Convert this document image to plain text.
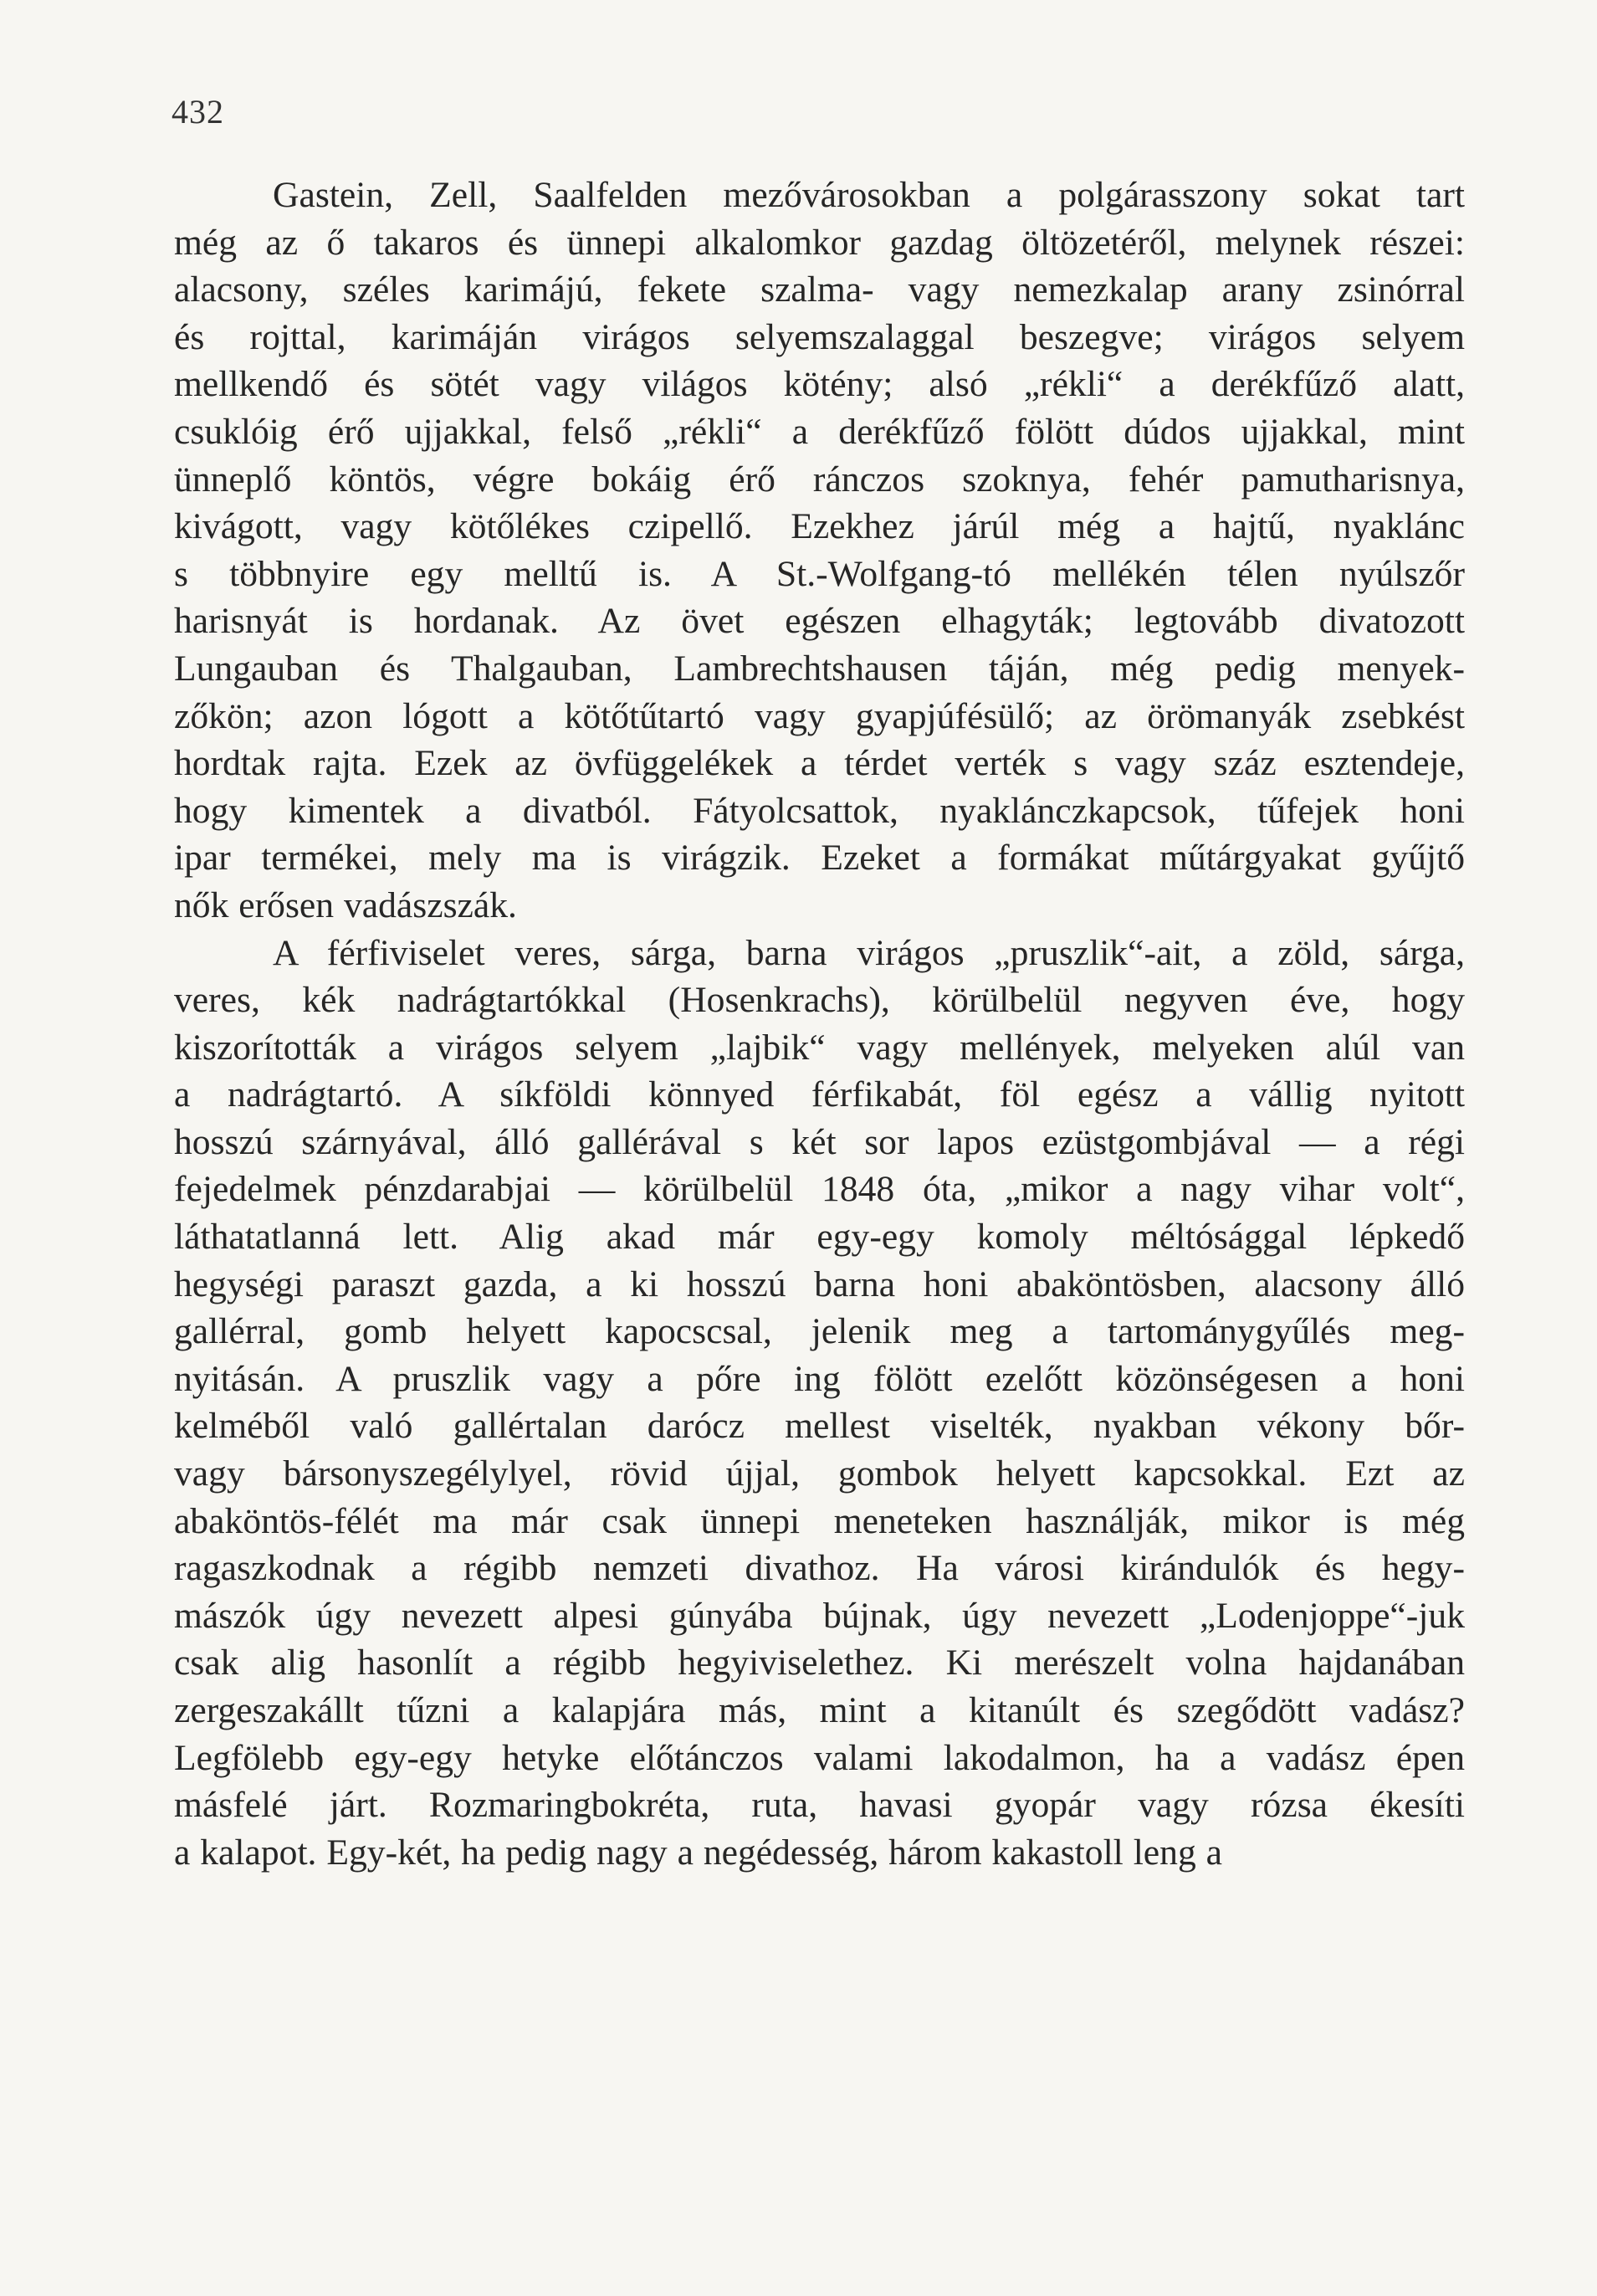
432

Gastein, Zell, Saalfelden mezővárosokban a polgárasszony sokat tart
még az ő takaros és ünnepi alkalomkor gazdag öltözetéről, melynek részei:
alacsony, széles karimájú, fekete szalma- vagy nemezkalap arany zsinórral
és rojttal, karimáján virágos selyemszalaggal beszegve; virágos selyem
mellkendő és sötét vagy világos kötény; alsó „rékli“ a derékfűző alatt,
csuklóig érő ujjakkal, felső „rékli“ a derékfűző fölött dúdos ujjakkal, mint
ünneplő köntös, végre bokáig érő ránczos szoknya, fehér pamutharisnya,
kivágott, vagy kötőlékes czipellő. Ezekhez járúl még a hajtű, nyaklánc
s többnyire egy melltű is. A St.-Wolfgang-tó mellékén télen nyúlszőr
harisnyát is hordanak. Az övet egészen elhagyták; legtovább divatozott
Lungauban és Thalgauban, Lambrechtshausen táján, még pedig menyek-
zőkön; azon lógott a kötőtűtartó vagy gyapjúfésülő; az örömanyák zsebkést
hordtak rajta. Ezek az övfüggelékek a térdet verték s vagy száz esztendeje,
hogy kimentek a divatból. Fátyolcsattok, nyaklánczkapcsok, tűfejek honi
ipar termékei, mely ma is virágzik. Ezeket a formákat műtárgyakat gyűjtő
nők erősen vadászszák.

A férfiviselet veres, sárga, barna virágos „pruszlik“-ait, a zöld, sárga,
veres, kék nadrágtartókkal (Hosenkrachs), körülbelül negyven éve, hogy
kiszorították a virágos selyem „lajbik“ vagy mellények, melyeken alúl van
a nadrágtartó. A síkföldi könnyed férfikabát, föl egész a vállig nyitott
hosszú szárnyával, álló gallérával s két sor lapos ezüstgombjával — a régi
fejedelmek pénzdarabjai — körülbelül 1848 óta, „mikor a nagy vihar volt“,
láthatatlanná lett. Alig akad már egy-egy komoly méltósággal lépkedő
hegységi paraszt gazda, a ki hosszú barna honi abaköntösben, alacsony álló
gallérral, gomb helyett kapocscsal, jelenik meg a tartománygyűlés meg-
nyitásán. A pruszlik vagy a pőre ing fölött ezelőtt közönségesen a honi
kelméből való gallértalan darócz mellest viselték, nyakban vékony bőr-
vagy bársonyszegélylyel, rövid újjal, gombok helyett kapcsokkal. Ezt az
abaköntös-félét ma már csak ünnepi meneteken használják, mikor is még
ragaszkodnak a régibb nemzeti divathoz. Ha városi kirándulók és hegy-
mászók úgy nevezett alpesi gúnyába bújnak, úgy nevezett „Lodenjoppe“-juk
csak alig hasonlít a régibb hegyiviselethez. Ki merészelt volna hajdanában
zergeszakállt tűzni a kalapjára más, mint a kitanúlt és szegődött vadász?
Legfölebb egy-egy hetyke előtánczos valami lakodalmon, ha a vadász épen
másfelé járt. Rozmaringbokréta, ruta, havasi gyopár vagy rózsa ékesíti
a kalapot. Egy-két, ha pedig nagy a negédesség, három kakastoll leng a
